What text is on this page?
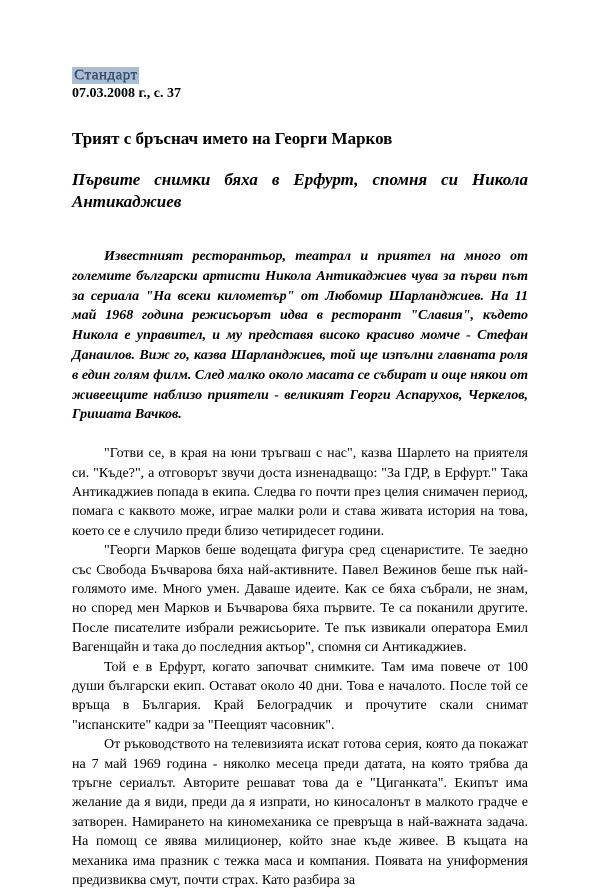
Стандарт
07.03.2008 г., с. 37
Трият с бръснач името на Георги Марков
Първите снимки бяха в Ерфурт, спомня си Никола Антикаджиев
Известният ресторантьор, театрал и приятел на много от големите български артисти Никола Антикаджиев чува за първи път за сериала "На всеки километър" от Любомир Шарланджиев. На 11 май 1968 година режисьорът идва в ресторант "Славия", където Никола е управител, и му представя високо красиво момче - Стефан Данаилов. Виж го, казва Шарланджиев, той ще изпълни главната роля в един голям филм. След малко около масата се събират и още някои от живеещите наблизо приятели - великият Георги Аспарухов, Черкелов, Гришата Вачков.

"Готви се, в края на юни тръгваш с нас", казва Шарлето на приятеля си. "Къде?", а отговорът звучи доста изненадващо: "За ГДР, в Ерфурт." Така Антикаджиев попада в екипа. Следва го почти през целия снимачен период, помага с каквото може, играе малки роли и става живата история на това, което се е случило преди близо четиридесет години.

"Георги Марков беше водещата фигура сред сценаристите. Те заедно със Свобода Бъчварова бяха най-активните. Павел Вежинов беше пък най-голямото име. Много умен. Даваше идеите. Как се бяха събрали, не знам, но според мен Марков и Бъчварова бяха първите. Те са поканили другите. После писателите избрали режисьорите. Те пък извикали оператора Емил Вагенщайн и така до последния актьор", спомня си Антикаджиев.

Той е в Ерфурт, когато започват снимките. Там има повече от 100 души български екип. Остават около 40 дни. Това е началото. После той се връща в България. Край Белоградчик и прочутите скали снимат "испанските" кадри за "Пеещият часовник".

От ръководството на телевизията искат готова серия, която да покажат на 7 май 1969 година - няколко месеца преди датата, на която трябва да тръгне сериалът. Авторите решават това да е "Циганката". Екипът има желание да я види, преди да я изпрати, но киносалонът в малкото градче е затворен. Намирането на киномеханика се превръща в най-важната задача. На помощ се явява милиционер, който знае къде живее. В къщата на механика има празник с тежка маса и компания. Появата на униформения предизвиква смут, почти страх. Като разбира за
